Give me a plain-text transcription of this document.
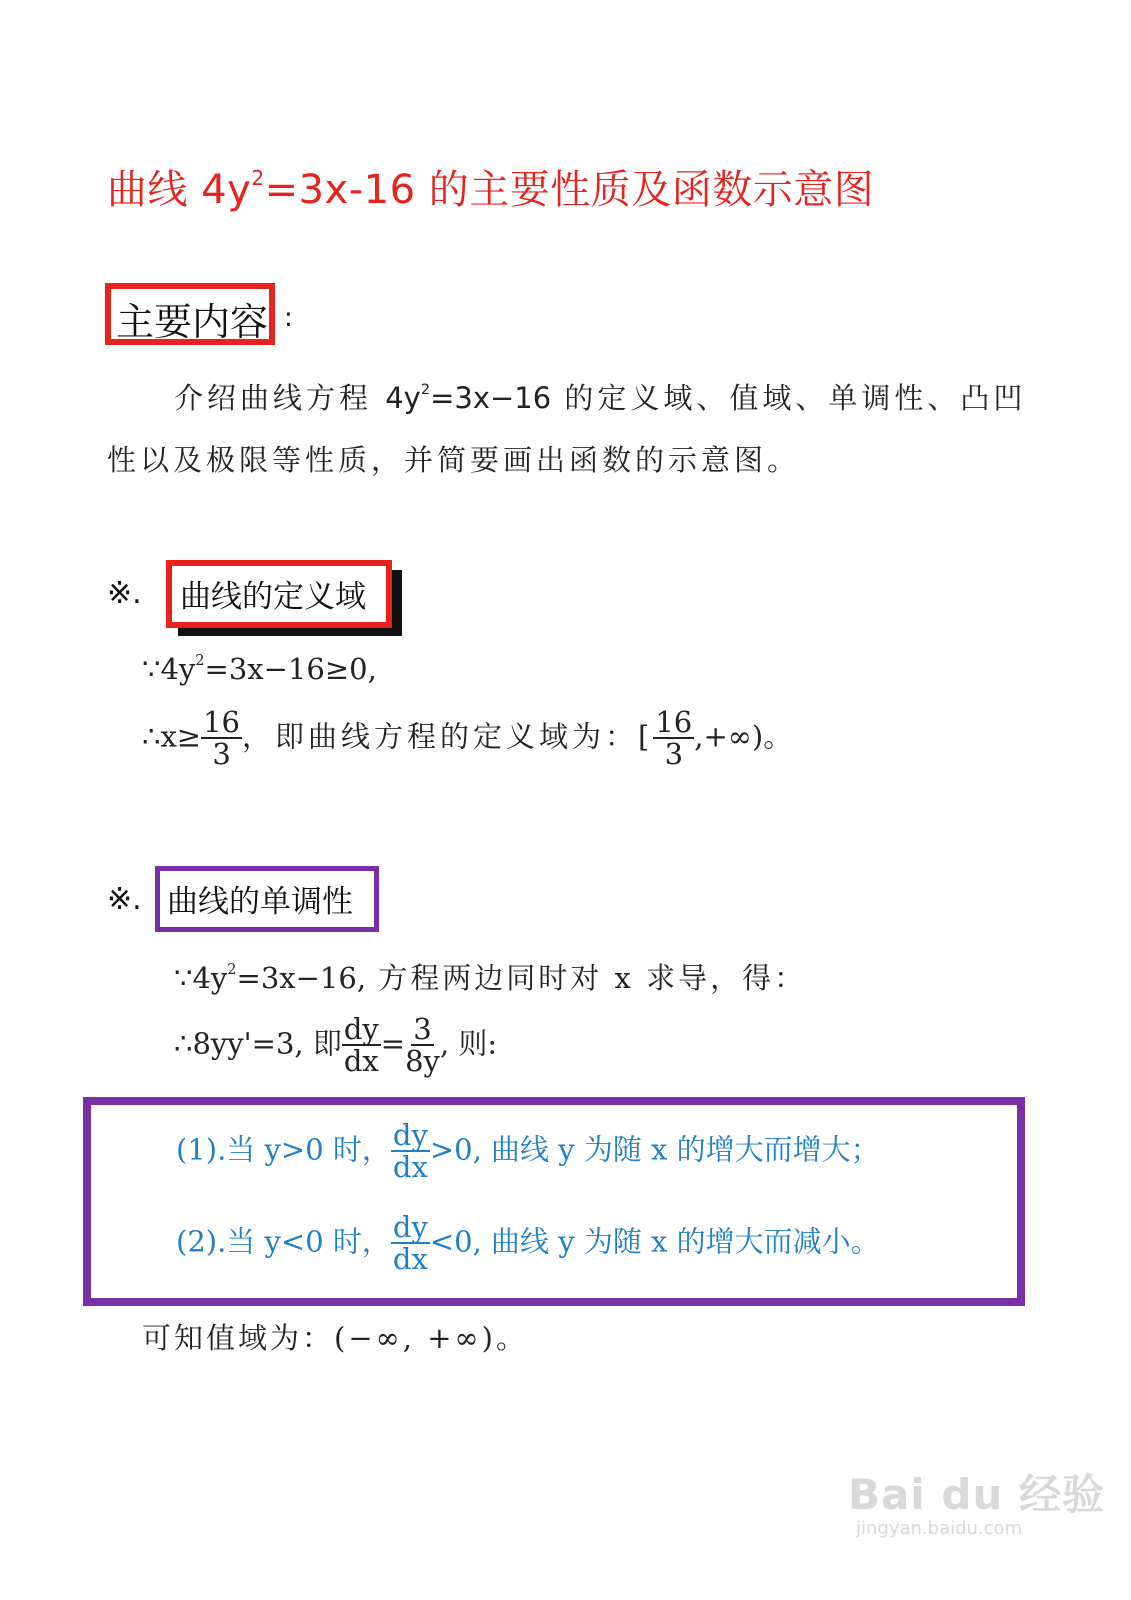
曲线 $4y^2=3x-16$ 的主要性质及函数示意图
主要内容 :
介绍曲线方程 $4y^2=3x-16$ 的定义域、值域、单调性、凸凹
性以及极限等性质，并简要画出函数的示意图。
※. 曲线的定义域
$\because 4y^2=3x-16\ge 0$,
∴x≥ $\frac{16}{3}$ ，即曲线方程的定义域为：[ $\frac{16}{3}$ ,+∞)。
※. 曲线的单调性
$\because 4y^2=3x-16$, 方程两边同时对 x 求导，得：
∴8yy'=3, 即 $\frac{dy}{dx} = \frac{3}{8y}$ , 则:
(1).当 y>0 时， $\frac{dy}{dx} >0$, 曲线 y 为随 x 的增大而增大；
(2).当 y<0 时， $\frac{dy}{dx} <0$, 曲线 y 为随 x 的增大而减小。
可知值域为：(−∞, +∞)。
Bai du 经验
jingyan.baidu.com
